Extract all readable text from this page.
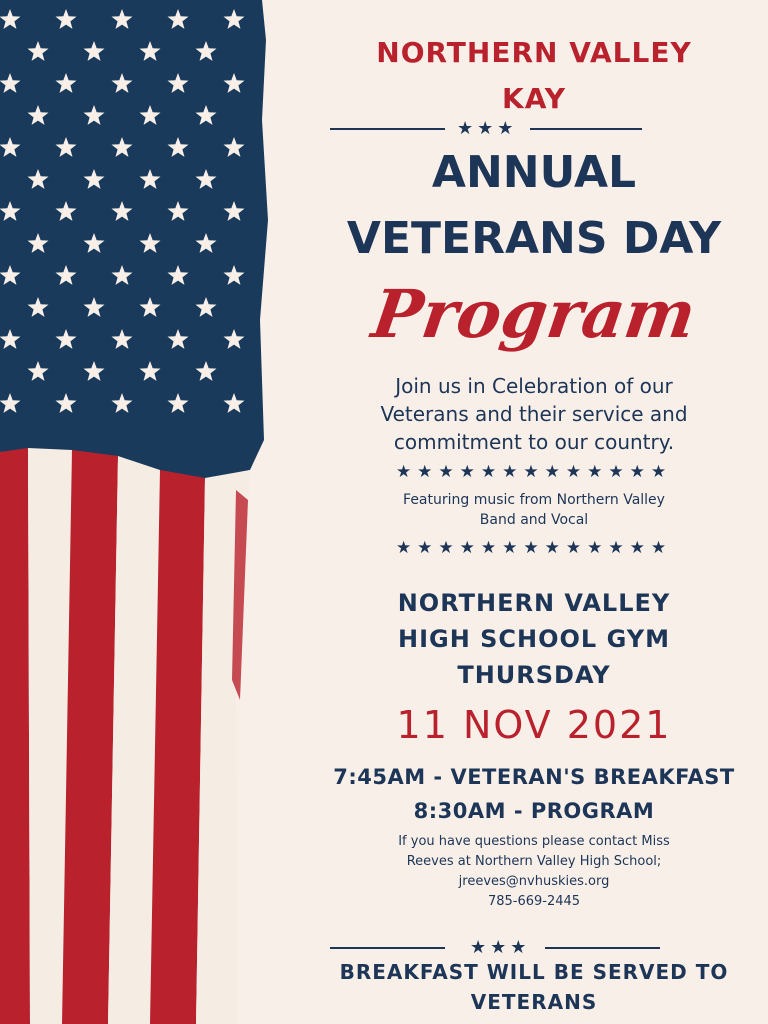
NORTHERN VALLEY
KAY
★★★
ANNUAL
VETERANS DAY
Program
Join us in Celebration of our
Veterans and their service and
commitment to our country.
★★★★★★★★★★★★★
Featuring music from Northern Valley
Band and Vocal
★★★★★★★★★★★★★
NORTHERN VALLEY
HIGH SCHOOL GYM
THURSDAY
11 NOV 2021
7:45AM - VETERAN'S BREAKFAST
8:30AM - PROGRAM
If you have questions please contact Miss
Reeves at Northern Valley High School;
jreeves@nvhuskies.org
785-669-2445
★★★
BREAKFAST WILL BE SERVED TO
VETERANS
